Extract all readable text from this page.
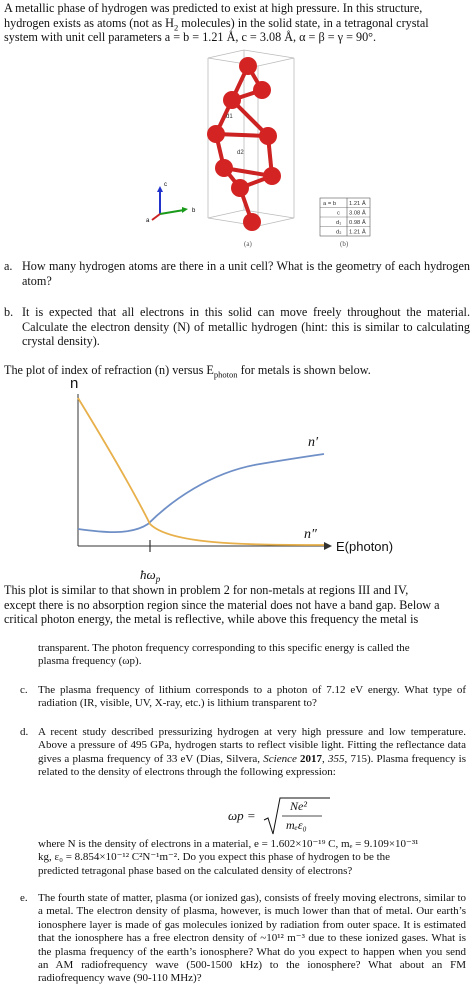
A metallic phase of hydrogen was predicted to exist at high pressure. In this structure,
hydrogen exists as atoms (not as $H_2$ molecules) in the solid state, in a tetragonal crystal
system with unit cell parameters a = b = 1.21 Å, c = 3.08 Å, α = β = γ = 90°.
d1
d2
c
b
a
(a)	(b)
a = b 1.21 Å
c 3.08 Å
d₁ 0.98 Å
d₂ 1.21 Å
a. How many hydrogen atoms are there in a unit cell? What is the geometry of each hydrogen atom?
b. It is expected that all electrons in this solid can move freely throughout the material. Calculate the electron density (N) of metallic hydrogen (hint: this is similar to calculating crystal density).
The plot of index of refraction (n) versus $E_{photon}$ for metals is shown below.
n
E(photon)
n′
n″
$ħ\omega_p$
This plot is similar to that shown in problem 2 for non-metals at regions III and IV,
except there is no absorption region since the material does not have a band gap. Below a
critical photon energy, the metal is reflective, while above this frequency the metal is
transparent. The photon frequency corresponding to this specific energy is called the
plasma frequency (ωp).
c. The plasma frequency of lithium corresponds to a photon of 7.12 eV energy. What type of radiation (IR, visible, UV, X-ray, etc.) is lithium transparent to?
d. A recent study described pressurizing hydrogen at very high pressure and low temperature. Above a pressure of 495 GPa, hydrogen starts to reflect visible light. Fitting the reflectance data gives a plasma frequency of 33 eV (Dias, Silvera, Science 2017, 355, 715). Plasma frequency is related to the density of electrons through the following expression:
ωp =
Ne²
mₑε₀
where N is the density of electrons in a material, e = 1.602×10⁻¹⁹ C, mₑ = 9.109×10⁻³¹
kg, ε₀ = 8.854×10⁻¹² C²N⁻¹m⁻². Do you expect this phase of hydrogen to be the
predicted tetragonal phase based on the calculated density of electrons?
e. The fourth state of matter, plasma (or ionized gas), consists of freely moving electrons, similar to a metal. The electron density of plasma, however, is much lower than that of metal. Our earth’s ionosphere layer is made of gas molecules ionized by radiation from outer space. It is estimated that the ionosphere has a free electron density of ~10¹² m⁻³ due to these ionized gases. What is the plasma frequency of the earth’s ionosphere? What do you expect to happen when you send an AM radiofrequency wave (500-1500 kHz) to the ionosphere? What about an FM radiofrequency wave (90-110 MHz)?
